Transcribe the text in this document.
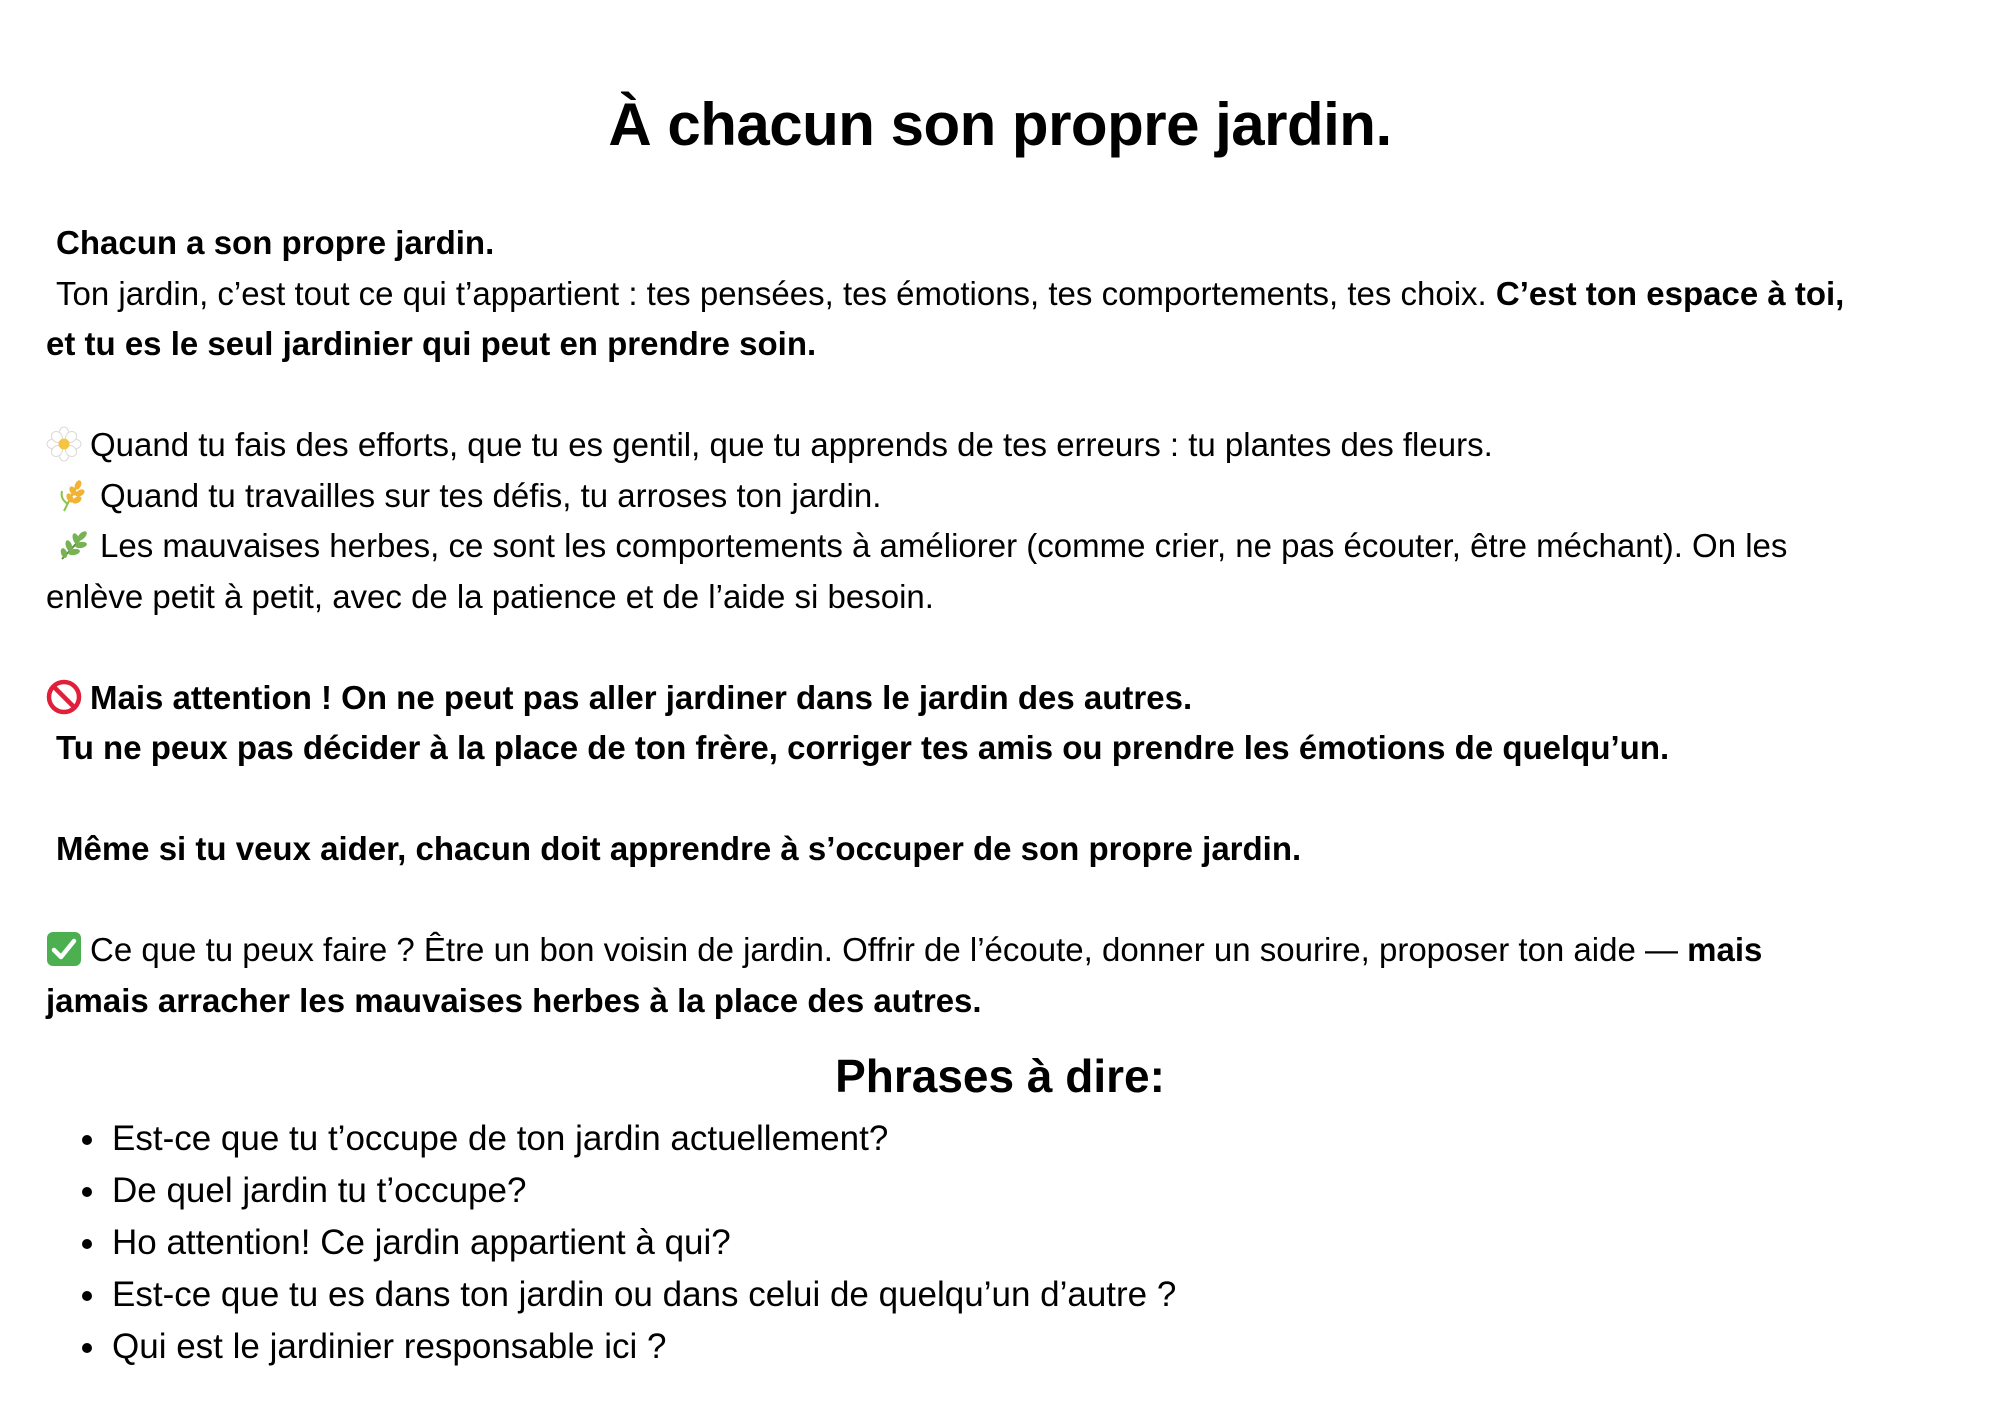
À chacun son propre jardin.
Chacun a son propre jardin.
Ton jardin, c’est tout ce qui t’appartient : tes pensées, tes émotions, tes comportements, tes choix. C’est ton espace à toi,
et tu es le seul jardinier qui peut en prendre soin.
Quand tu fais des efforts, que tu es gentil, que tu apprends de tes erreurs : tu plantes des fleurs.
Quand tu travailles sur tes défis, tu arroses ton jardin.
Les mauvaises herbes, ce sont les comportements à améliorer (comme crier, ne pas écouter, être méchant). On les
enlève petit à petit, avec de la patience et de l’aide si besoin.
Mais attention ! On ne peut pas aller jardiner dans le jardin des autres.
Tu ne peux pas décider à la place de ton frère, corriger tes amis ou prendre les émotions de quelqu’un.
Même si tu veux aider, chacun doit apprendre à s’occuper de son propre jardin.
Ce que tu peux faire ? Être un bon voisin de jardin. Offrir de l’écoute, donner un sourire, proposer ton aide — mais
jamais arracher les mauvaises herbes à la place des autres.
Phrases à dire:
Est-ce que tu t’occupe de ton jardin actuellement?
De quel jardin tu t’occupe?
Ho attention! Ce jardin appartient à qui?
Est-ce que tu es dans ton jardin ou dans celui de quelqu’un d’autre ?
Qui est le jardinier responsable ici ?
